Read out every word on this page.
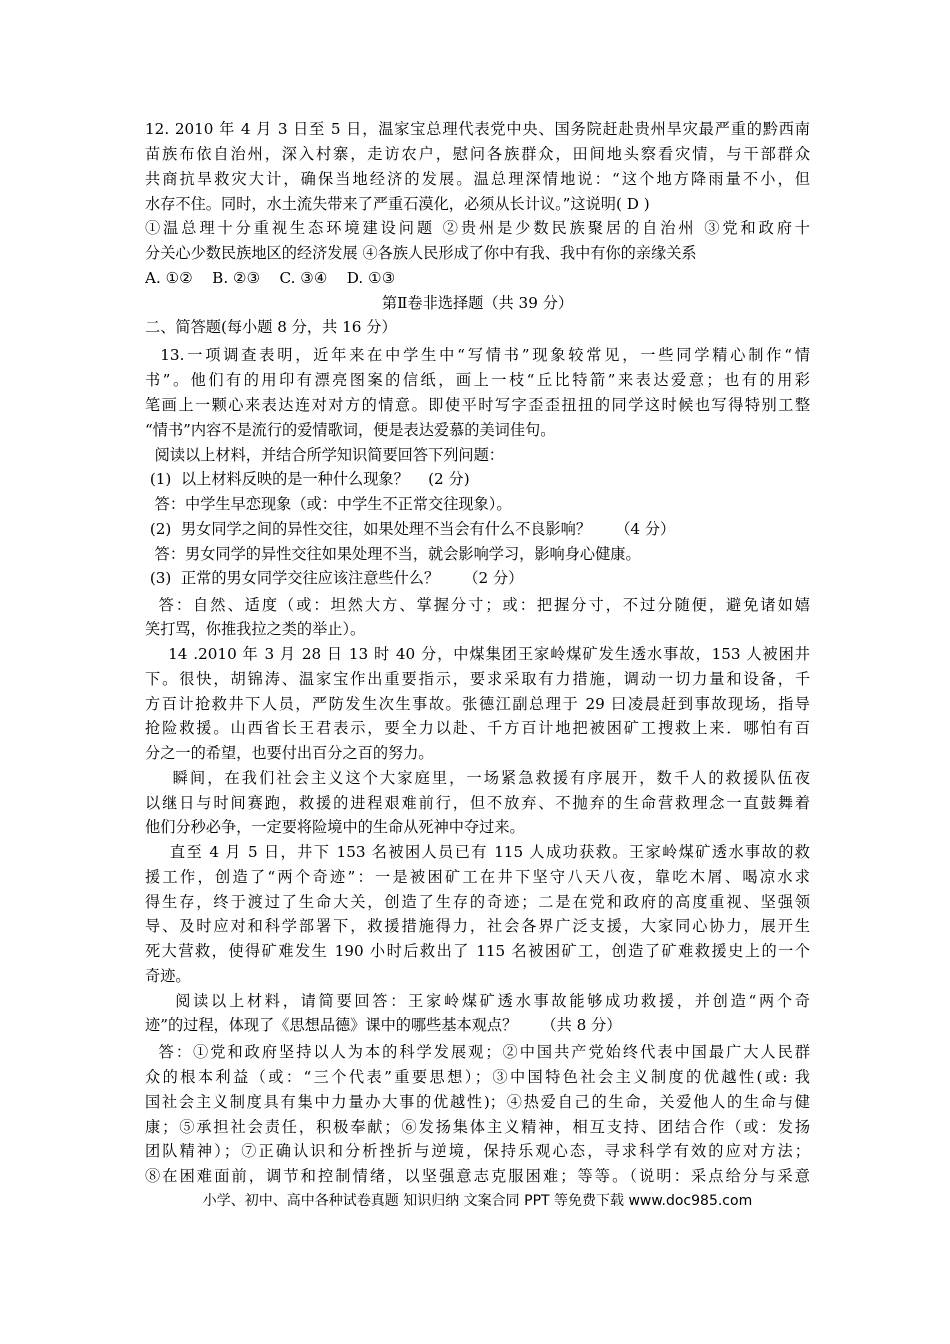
12. 2010 年 4 月 3 日至 5 日，温家宝总理代表党中央、国务院赶赴贵州旱灾最严重的黔西南
苗族布依自治州，深入村寨，走访农户，慰问各族群众，田间地头察看灾情，与干部群众
共商抗旱救灾大计，确保当地经济的发展。温总理深情地说：“这个地方降雨量不小，但
水存不住。同时，水土流失带来了严重石漠化，必须从长计议。”这说明( D )
①温总理十分重视生态环境建设问题 ②贵州是少数民族聚居的自治州 ③党和政府十
分关心少数民族地区的经济发展 ④各族人民形成了你中有我、我中有你的亲缘关系
A. ①②    B. ②③    C. ③④    D. ①③
第Ⅱ卷非选择题（共 39 分）
二、简答题(每小题 8 分，共 16 分）
13.一项调查表明，近年来在中学生中“写情书”现象较常见，一些同学精心制作“情
书”。他们有的用印有漂亮图案的信纸，画上一枝“丘比特箭”来表达爱意；也有的用彩
笔画上一颗心来表达连对对方的情意。即使平时写字歪歪扭扭的同学这时候也写得特别工整
“情书”内容不是流行的爱情歌词，便是表达爱慕的美词佳句。
阅读以上材料，并结合所学知识简要回答下列问题：
(1)  以上材料反映的是一种什么现象？    (2 分)
答：中学生早恋现象（或：中学生不正常交往现象）。
(2)  男女同学之间的异性交往，如果处理不当会有什么不良影响？     （4 分）
答：男女同学的异性交往如果处理不当，就会影响学习，影响身心健康。
(3)  正常的男女同学交往应该注意些什么？     （2 分）
答：自然、适度（或：坦然大方、掌握分寸；或：把握分寸，不过分随便，避免诸如嬉
笑打骂，你推我拉之类的举止）。
14 .2010 年 3 月 28 日 13 时 40 分，中煤集团王家岭煤矿发生透水事故，153 人被困井
下。很快，胡锦涛、温家宝作出重要指示，要求采取有力措施，调动一切力量和设备，千
方百计抢救井下人员，严防发生次生事故。张德江副总理于 29 曰凌晨赶到事故现场，指导
抢险救援。山西省长王君表示，要全力以赴、千方百计地把被困矿工搜救上来．哪怕有百
分之一的希望，也要付出百分之百的努力。
瞬间，在我们社会主义这个大家庭里，一场紧急救援有序展开，数千人的救援队伍夜
以继日与时间赛跑，救援的进程艰难前行，但不放弃、不抛弃的生命营救理念一直鼓舞着
他们分秒必争，一定要将险境中的生命从死神中夺过来。
直至 4 月 5 日，井下 153 名被困人员已有 115 人成功获救。王家岭煤矿透水事故的救
援工作，创造了“两个奇迹”：一是被困矿工在井下坚守八天八夜，靠吃木屑、喝凉水求
得生存，终于渡过了生命大关，创造了生存的奇迹；二是在党和政府的高度重视、坚强领
导、及时应对和科学部署下，救援措施得力，社会各界广泛支援，大家同心协力，展开生
死大营救，使得矿难发生 190 小时后救出了 115 名被困矿工，创造了矿难救援史上的一个
奇迹。
阅读以上材料，请简要回答：王家岭煤矿透水事故能够成功救援，并创造“两个奇
迹”的过程，体现了《思想品德》课中的哪些基本观点？     （共 8 分）
答：①党和政府坚持以人为本的科学发展观；②中国共产党始终代表中国最广大人民群
众的根本利益（或：“三个代表”重要思想）；③中国特色社会主义制度的优越性(或: 我
国社会主义制度具有集中力量办大事的优越性)；④热爱自己的生命，关爱他人的生命与健
康；⑤承担社会责任，积极奉献；⑥发扬集体主义精神，相互支持、团结合作（或：发扬
团队精神）；⑦正确认识和分析挫折与逆境，保持乐观心态，寻求科学有效的应对方法；
⑧在困难面前，调节和控制情绪，以坚强意志克服困难；等等。（说明：采点给分与采意
小学、初中、高中各种试卷真题 知识归纳 文案合同 PPT 等免费下载 www.doc985.com
